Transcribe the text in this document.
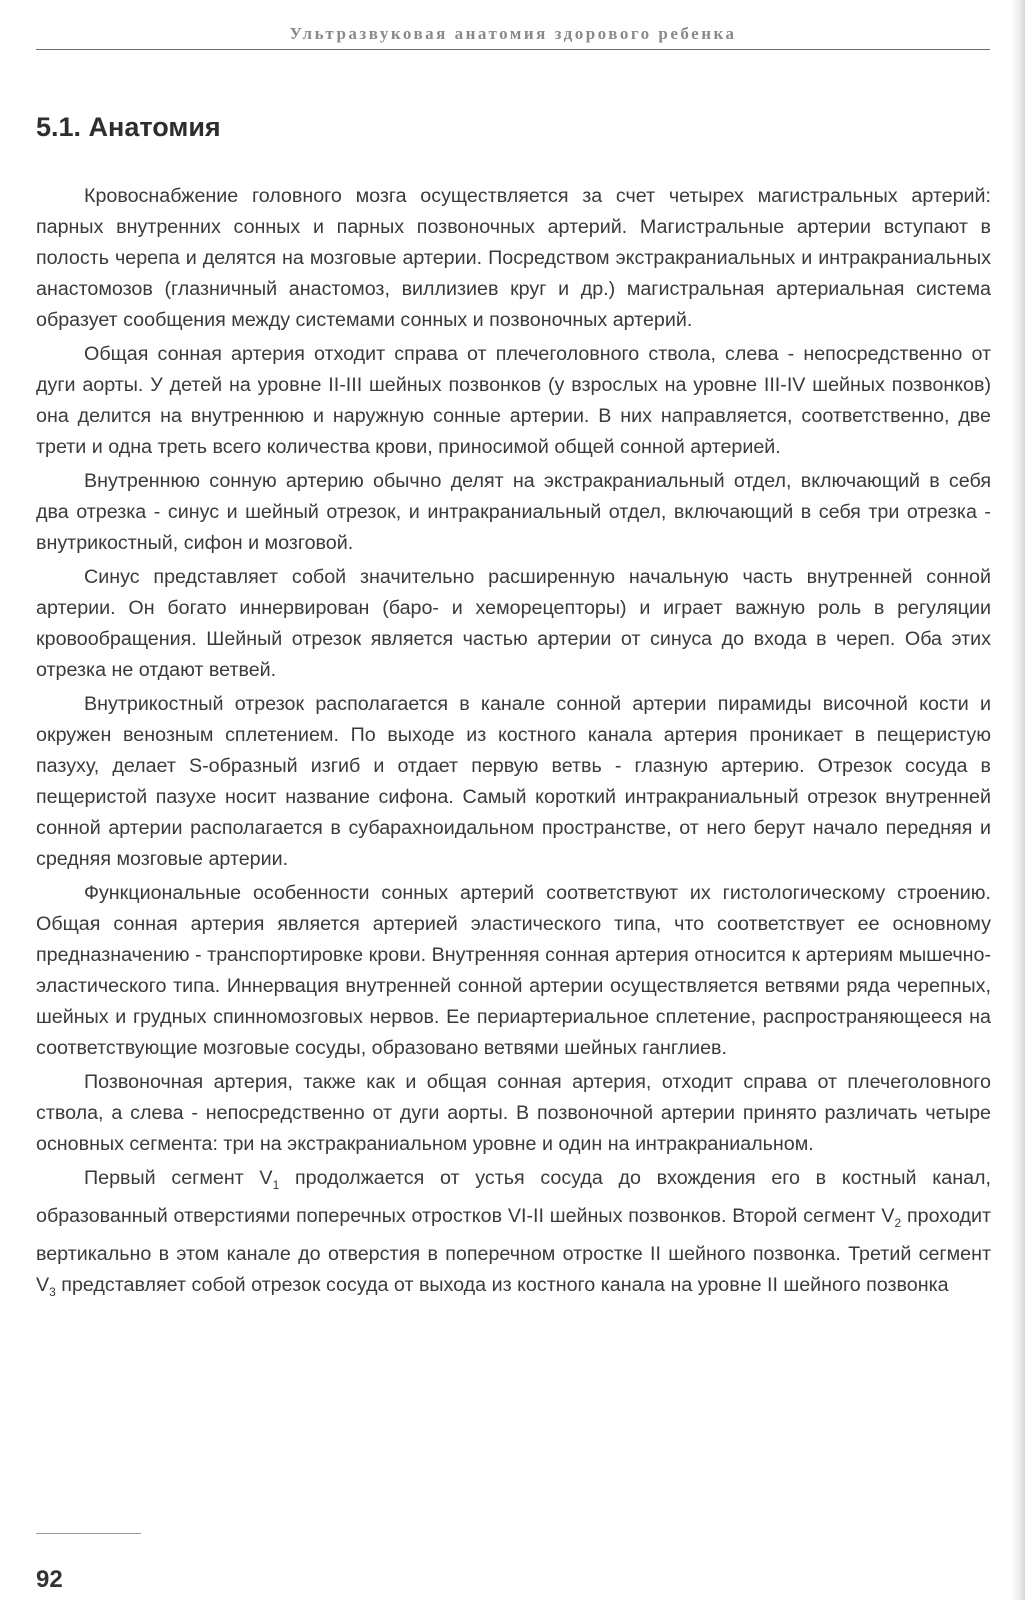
Ультразвуковая анатомия здорового ребенка
5.1. Анатомия

Кровоснабжение головного мозга осуществляется за счет четырех магистральных артерий: парных внутренних сонных и парных позвоночных артерий. Магистральные артерии вступают в полость черепа и делятся на мозговые артерии. Посредством экстракраниальных и интракраниальных анастомозов (глазничный анастомоз, виллизиев круг и др.) магистральная артериальная система образует сообщения между системами сонных и позвоночных артерий.

Общая сонная артерия отходит справа от плечеголовного ствола, слева - непосредственно от дуги аорты. У детей на уровне II-III шейных позвонков (у взрослых на уровне III-IV шейных позвонков) она делится на внутреннюю и наружную сонные артерии. В них направляется, соответственно, две трети и одна треть всего количества крови, приносимой общей сонной артерией.

Внутреннюю сонную артерию обычно делят на экстракраниальный отдел, включающий в себя два отрезка - синус и шейный отрезок, и интракраниальный отдел, включающий в себя три отрезка - внутрикостный, сифон и мозговой.

Синус представляет собой значительно расширенную начальную часть внутренней сонной артерии. Он богато иннервирован (баро- и хеморецепторы) и играет важную роль в регуляции кровообращения. Шейный отрезок является частью артерии от синуса до входа в череп. Оба этих отрезка не отдают ветвей.

Внутрикостный отрезок располагается в канале сонной артерии пирамиды височной кости и окружен венозным сплетением. По выходе из костного канала артерия проникает в пещеристую пазуху, делает S-образный изгиб и отдает первую ветвь - глазную артерию. Отрезок сосуда в пещеристой пазухе носит название сифона. Самый короткий интракраниальный отрезок внутренней сонной артерии располагается в субарахноидальном пространстве, от него берут начало передняя и средняя мозговые артерии.

Функциональные особенности сонных артерий соответствуют их гистологическому строению. Общая сонная артерия является артерией эластического типа, что соответствует ее основному предназначению - транспортировке крови. Внутренняя сонная артерия относится к артериям мышечно-эластического типа. Иннервация внутренней сонной артерии осуществляется ветвями ряда черепных, шейных и грудных спинномозговых нервов. Ее периартериальное сплетение, распространяющееся на соответствующие мозговые сосуды, образовано ветвями шейных ганглиев.

Позвоночная артерия, также как и общая сонная артерия, отходит справа от плечеголовного ствола, а слева - непосредственно от дуги аорты. В позвоночной артерии принято различать четыре основных сегмента: три на экстракраниальном уровне и один на интракраниальном.

Первый сегмент $V_1$ продолжается от устья сосуда до вхождения его в костный канал, образованный отверстиями поперечных отростков VI-II шейных позвонков. Второй сегмент $V_2$ проходит вертикально в этом канале до отверстия в поперечном отростке II шейного позвонка. Третий сегмент $V_3$ представляет собой отрезок сосуда от выхода из костного канала на уровне II шейного позвонка

92
